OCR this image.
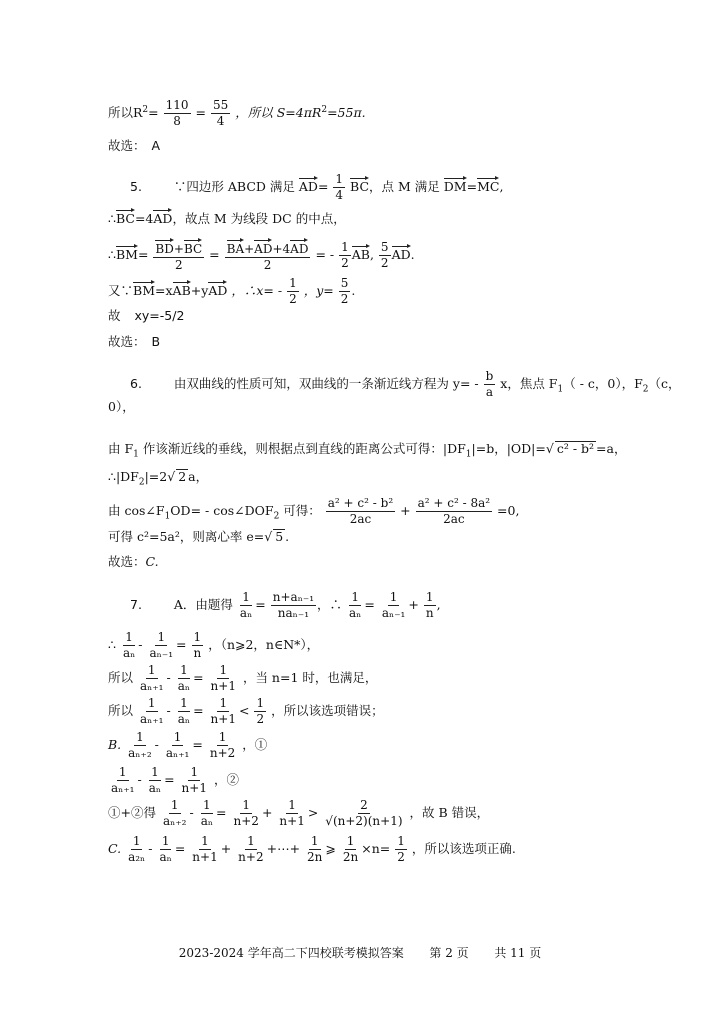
所以$R^2= \frac{110}{8} = \frac{55}{4}$ ，所以 $S=4\pi R^2=55\pi$.
故选： A
5.	∵四边形 ABCD 满足 $AD= \frac{1}{4}$ BC，点 M 满足 DM=MC,
∴BC=4AD，故点 M 为线段 DC 的中点，
∴BM= $\frac{BD+BC}{2} = \frac{BA+AD+4AD}{2}$ = - $\frac{1}{2}$ AB, $\frac{5}{2}$ AD.
又∵BM=xAB+yAD ，∴x= - $\frac{1}{2}$ ，$y= \frac{5}{2}$ .
故 xy=-5/2
故选： B
6.	由双曲线的性质可知，双曲线的一条渐近线方程为 $y= - \frac{b}{a}$ x，焦点 $F_1$（ - c，0），$F_2(c$，
0），
由 $F_1$ 作该渐近线的垂线，则根据点到直线的距离公式可得：$|DF_1|=b$，|OD|=√ c² - b² =a，
$\therefore|DF_2|=2√$ 2 a，
由 $\cos\angle F_1OD=$ - $\cos\angle DOF_2$ 可得： $\frac{\text{a² + c² - b²}}{2ac} + \frac{\text{a² + c² - 8a²}}{2ac} =0$,
可得 c²=5a²，则离心率 e=√ 5 .
故选：C.
7.	A．由题得 $\frac{1}{\text{aₙ}} = \frac{\text{n+aₙ₋₁}}{\text{naₙ₋₁}}$ ，∴ $\frac{1}{\text{aₙ}} = \frac{1}{\text{aₙ₋₁}} + \frac{1}{n}$ ,
∴ $\frac{1}{\text{aₙ}} - \frac{1}{\text{aₙ₋₁}} = \frac{1}{n}$ ，（n⩾2，n∈N*），
所以 $\frac{1}{\text{aₙ₊₁}} - \frac{1}{\text{aₙ}} = \frac{1}{n+1}$ ，当 n=1 时，也满足，
所以 $\frac{1}{\text{aₙ₊₁}} - \frac{1}{\text{aₙ}} = \frac{1}{n+1} < \frac{1}{2}$ ，所以该选项错误；
B. $\frac{1}{\text{aₙ₊₂}} - \frac{1}{\text{aₙ₊₁}} = \frac{1}{n+2}$ ，①
$\frac{1}{\text{aₙ₊₁}} - \frac{1}{\text{aₙ}} = \frac{1}{n+1}$ ，②
①+②得 $\frac{1}{\text{aₙ₊₂}} - \frac{1}{\text{aₙ}} = \frac{1}{n+2} + \frac{1}{n+1} > \frac{2}{√(n+2)(n+1)}$ ，故 B 错误，
C. $\frac{1}{\text{a₂ₙ}} - \frac{1}{\text{aₙ}} = \frac{1}{n+1} + \frac{1}{n+2}$ +⋯+ $\frac{1}{2n}$ ⩾ $\frac{1}{2n} \times n= \frac{1}{2}$ ，所以该选项正确.
2023-2024 学年高二下四校联考模拟答案 第 2 页 共 11 页
